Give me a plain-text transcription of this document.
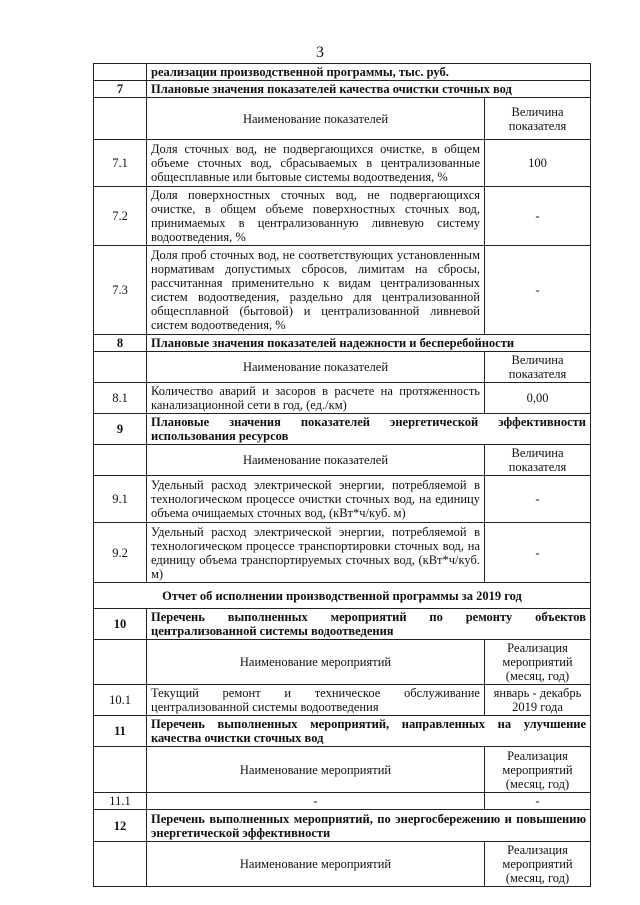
3
	реализации производственной программы, тыс. руб.	
7	Плановые значения показателей качества очистки сточных вод	
	Наименование показателей	Величина показателя
7.1	Доля сточных вод, не подвергающихся очистке, в общем объеме сточных вод, сбрасываемых в централизованные общесплавные или бытовые системы водоотведения, %	100
7.2	Доля поверхностных сточных вод, не подвергающихся очистке, в общем объеме поверхностных сточных вод, принимаемых в централизованную ливневую систему водоотведения, %	-
7.3	Доля проб сточных вод, не соответствующих установленным нормативам допустимых сбросов, лимитам на сбросы, рассчитанная применительно к видам централизованных систем водоотведения, раздельно для централизованной общесплавной (бытовой) и централизованной ливневой систем водоотведения, %	-
8	Плановые значения показателей надежности и бесперебойности	
	Наименование показателей	Величина показателя
8.1	Количество аварий и засоров в расчете на протяженность канализационной сети в год, (ед./км)	0,00
9	Плановые значения показателей энергетической эффективности использования ресурсов	
	Наименование показателей	Величина показателя
9.1	Удельный расход электрической энергии, потребляемой в технологическом процессе очистки сточных вод, на единицу объема очищаемых сточных вод, (кВт*ч/куб. м)	-
9.2	Удельный расход электрической энергии, потребляемой в технологическом процессе транспортировки сточных вод, на единицу объема транспортируемых сточных вод, (кВт*ч/куб. м)	-
Отчет об исполнении производственной программы за 2019 год		
10	Перечень выполненных мероприятий по ремонту объектов централизованной системы водоотведения	
	Наименование мероприятий	Реализация мероприятий (месяц, год)
10.1	Текущий ремонт и техническое обслуживание централизованной системы водоотведения	январь - декабрь 2019 года
11	Перечень выполненных мероприятий, направленных на улучшение качества очистки сточных вод	
	Наименование мероприятий	Реализация мероприятий (месяц, год)
11.1	-	-
12	Перечень выполненных мероприятий, по энергосбережению и повышению энергетической эффективности	
	Наименование мероприятий	Реализация мероприятий (месяц, год)
